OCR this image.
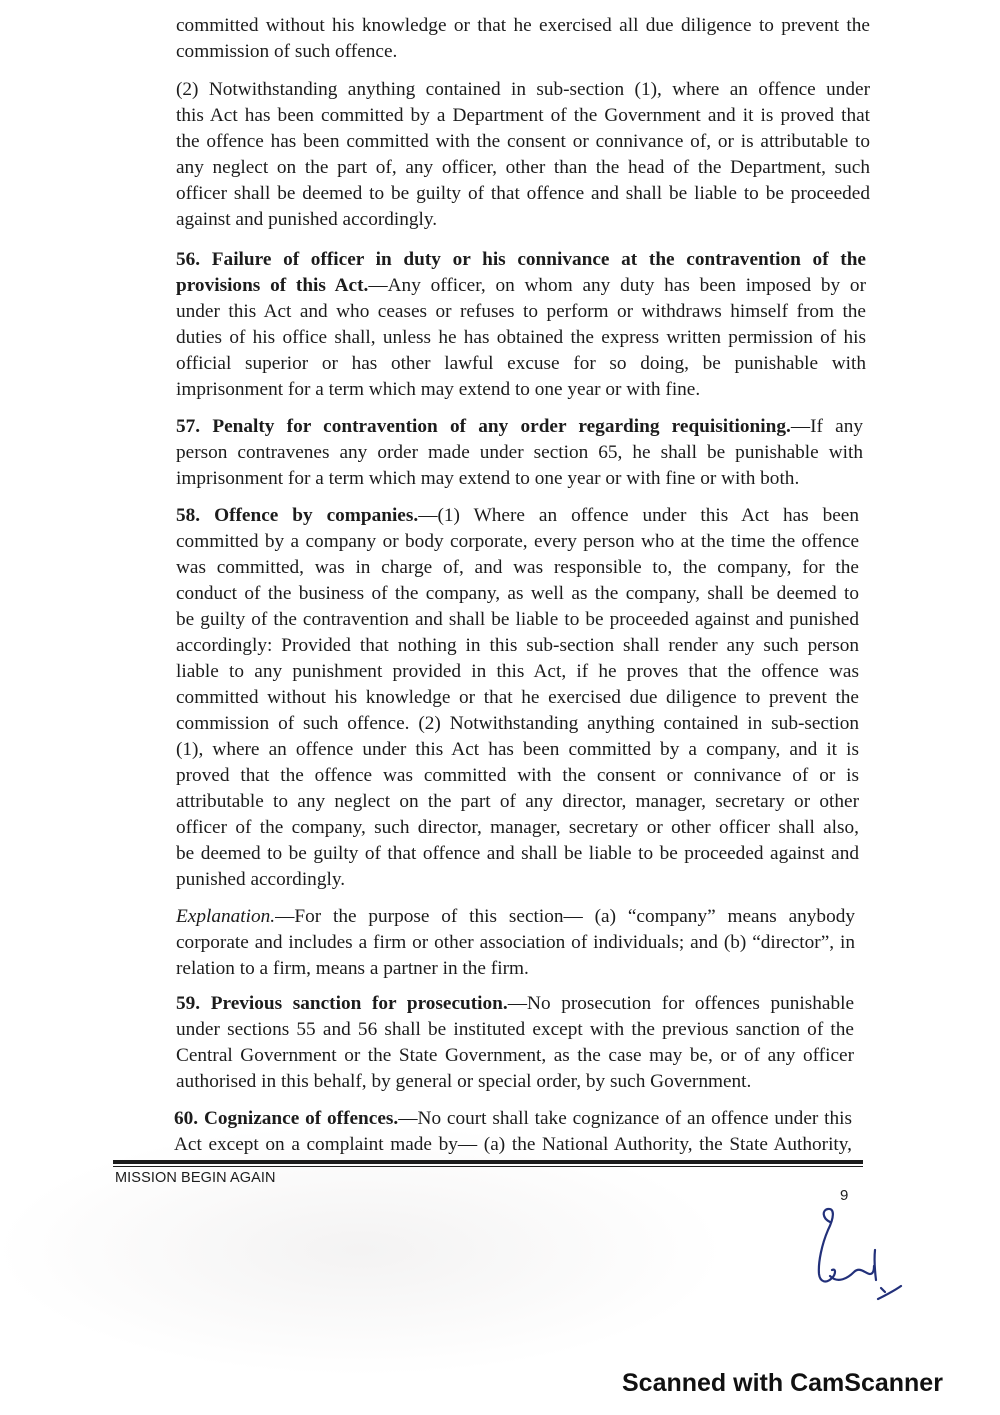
committed without his knowledge or that he exercised all due diligence to prevent the
commission of such offence.
(2) Notwithstanding anything contained in sub-section (1), where an offence under
this Act has been committed by a Department of the Government and it is proved that
the offence has been committed with the consent or connivance of, or is attributable to
any neglect on the part of, any officer, other than the head of the Department, such
officer shall be deemed to be guilty of that offence and shall be liable to be proceeded
against and punished accordingly.
56. Failure of officer in duty or his connivance at the contravention of the
provisions of this Act.—Any officer, on whom any duty has been imposed by or
under this Act and who ceases or refuses to perform or withdraws himself from the
duties of his office shall, unless he has obtained the express written permission of his
official superior or has other lawful excuse for so doing, be punishable with
imprisonment for a term which may extend to one year or with fine.
57. Penalty for contravention of any order regarding requisitioning.—If any
person contravenes any order made under section 65, he shall be punishable with
imprisonment for a term which may extend to one year or with fine or with both.
58. Offence by companies.—(1) Where an offence under this Act has been
committed by a company or body corporate, every person who at the time the offence
was committed, was in charge of, and was responsible to, the company, for the
conduct of the business of the company, as well as the company, shall be deemed to
be guilty of the contravention and shall be liable to be proceeded against and punished
accordingly: Provided that nothing in this sub-section shall render any such person
liable to any punishment provided in this Act, if he proves that the offence was
committed without his knowledge or that he exercised due diligence to prevent the
commission of such offence. (2) Notwithstanding anything contained in sub-section
(1), where an offence under this Act has been committed by a company, and it is
proved that the offence was committed with the consent or connivance of or is
attributable to any neglect on the part of any director, manager, secretary or other
officer of the company, such director, manager, secretary or other officer shall also,
be deemed to be guilty of that offence and shall be liable to be proceeded against and
punished accordingly.
Explanation.—For the purpose of this section— (a) “company” means anybody
corporate and includes a firm or other association of individuals; and (b) “director”, in
relation to a firm, means a partner in the firm.
59. Previous sanction for prosecution.—No prosecution for offences punishable
under sections 55 and 56 shall be instituted except with the previous sanction of the
Central Government or the State Government, as the case may be, or of any officer
authorised in this behalf, by general or special order, by such Government.
60. Cognizance of offences.—No court shall take cognizance of an offence under this
Act except on a complaint made by— (a) the National Authority, the State Authority,
MISSION BEGIN AGAIN
9
Scanned with CamScanner
